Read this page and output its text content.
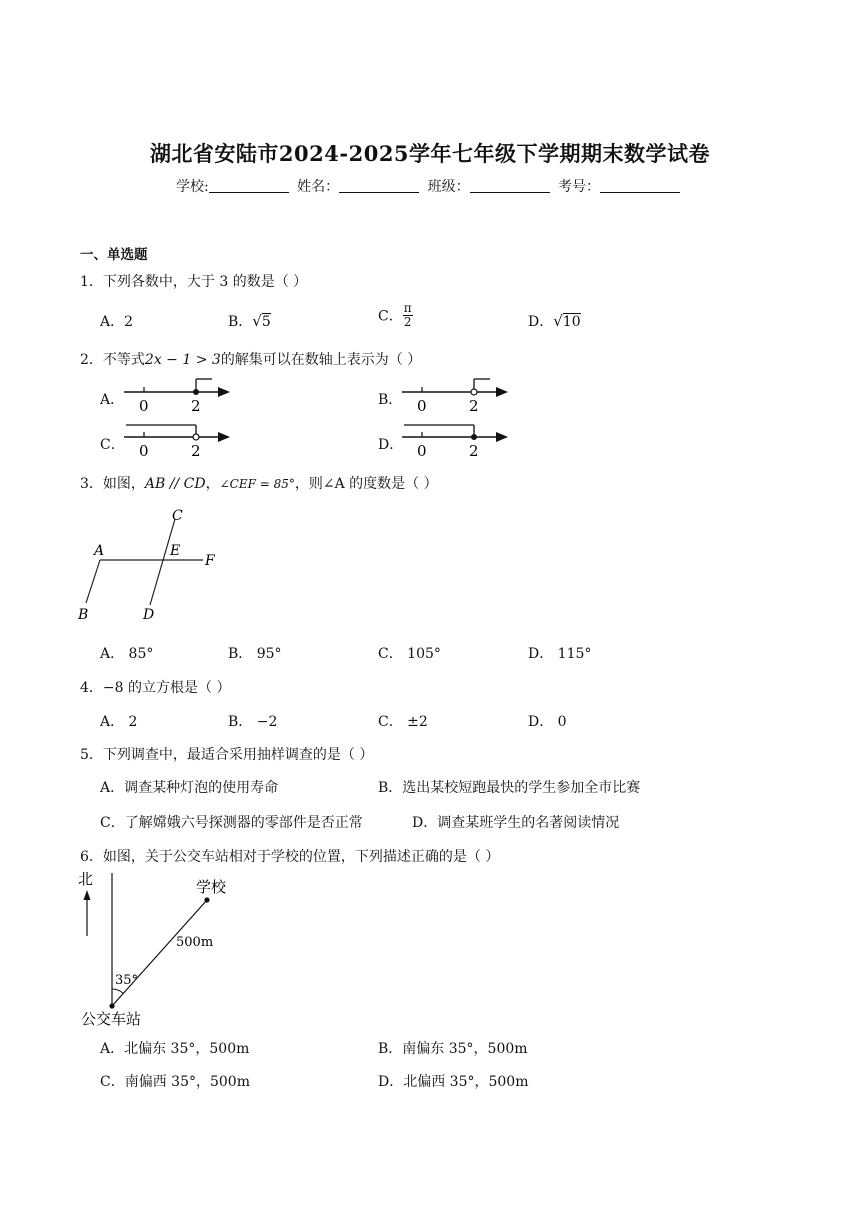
湖北省安陆市2024-2025学年七年级下学期期末数学试卷
学校:	姓名：	班级：	考号：
一、单选题
1．下列各数中，大于 3 的数是（ ）
A．2	B．√5	C． $\frac{\pi}{2}$	D．√10
2．不等式2x − 1 > 3的解集可以在数轴上表示为（ ）
A．	B．
C．	D．
0	2	0	2
0	2	0	2
3．如图，AB // CD，∠CEF = 85°，则∠A 的度数是（ ）
C
A	E
F
B	D
A． 85°	B． 95°	C． 105°	D． 115°
4．−8 的立方根是（ ）
A． 2	B． −2	C． ±2	D． 0
5．下列调查中，最适合采用抽样调查的是（ ）
A．调查某种灯泡的使用寿命	B．选出某校短跑最快的学生参加全市比赛
C．了解嫦娥六号探测器的零部件是否正常	D．调查某班学生的名著阅读情况
6．如图，关于公交车站相对于学校的位置，下列描述正确的是（ ）
北	学校
500m
35°
公交车站
A．北偏东 35°，500m	B．南偏东 35°，500m
C．南偏西 35°，500m	D．北偏西 35°，500m
